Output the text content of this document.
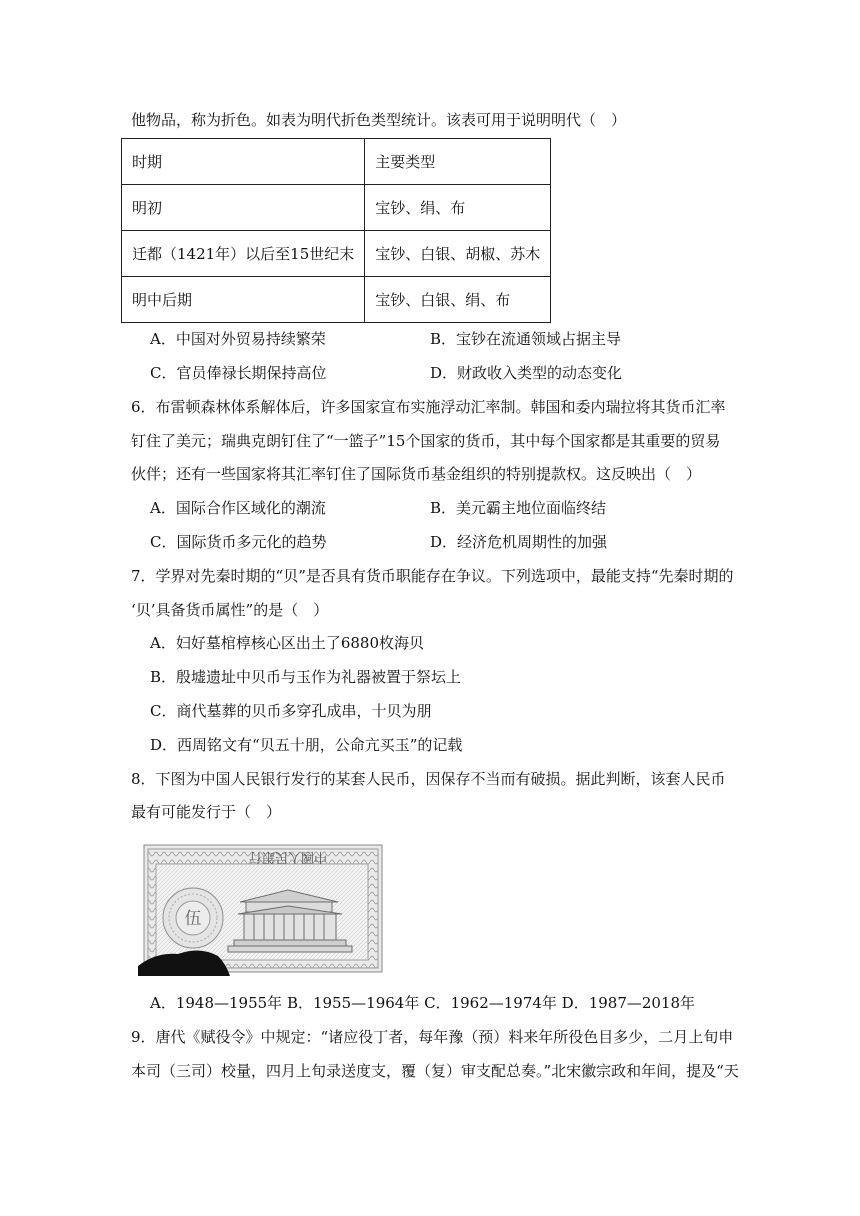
他物品，称为折色。如表为明代折色类型统计。该表可用于说明明代（　）
时期	主要类型
明初	宝钞、绢、布
迁都（1421年）以后至15世纪末	宝钞、白银、胡椒、苏木
明中后期	宝钞、白银、绢、布
A．中国对外贸易持续繁荣	B．宝钞在流通领域占据主导
C．官员俸禄长期保持高位	D．财政收入类型的动态变化
6．布雷顿森林体系解体后，许多国家宣布实施浮动汇率制。韩国和委内瑞拉将其货币汇率
钉住了美元；瑞典克朗钉住了“一篮子”15个国家的货币，其中每个国家都是其重要的贸易
伙伴；还有一些国家将其汇率钉住了国际货币基金组织的特别提款权。这反映出（　）
A．国际合作区域化的潮流	B．美元霸主地位面临终结
C．国际货币多元化的趋势	D．经济危机周期性的加强
7．学界对先秦时期的“贝”是否具有货币职能存在争议。下列选项中，最能支持“先秦时期的
‘贝’具备货币属性”的是（　）
A．妇好墓棺椁核心区出土了6880枚海贝
B．殷墟遗址中贝币与玉作为礼器被置于祭坛上
C．商代墓葬的贝币多穿孔成串，十贝为朋
D．西周铭文有“贝五十朋，公命亢买玉”的记载
8．下图为中国人民银行发行的某套人民币，因保存不当而有破损。据此判断，该套人民币
最有可能发行于（　）
中國人民銀行
伍
A．1948—1955年 B．1955—1964年 C．1962—1974年 D．1987—2018年
9．唐代《赋役令》中规定：“诸应役丁者，每年豫（预）料来年所役色目多少，二月上旬申
本司（三司）校量，四月上旬录送度支，覆（复）审支配总奏。”北宋徽宗政和年间，提及“天
